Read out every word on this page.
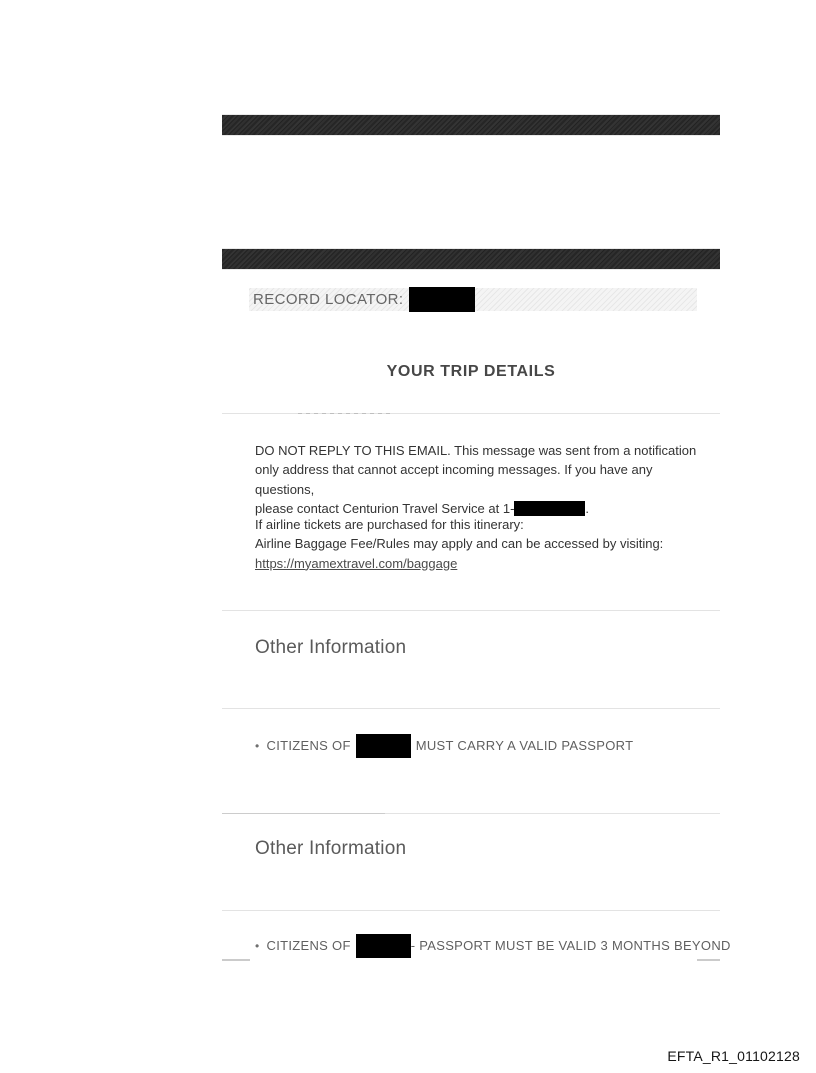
RECORD LOCATOR:
YOUR TRIP DETAILS
DO NOT REPLY TO THIS EMAIL. This message was sent from a notification
only address that cannot accept incoming messages. If you have any questions,
please contact Centurion Travel Service at 1-	.
If airline tickets are purchased for this itinerary:
Airline Baggage Fee/Rules may apply and can be accessed by visiting:
https://myamextravel.com/baggage
Other Information
• CITIZENS OF	MUST CARRY A VALID PASSPORT
Other Information
• CITIZENS OF	- PASSPORT MUST BE VALID 3 MONTHS BEYOND
EFTA_R1_01102128
